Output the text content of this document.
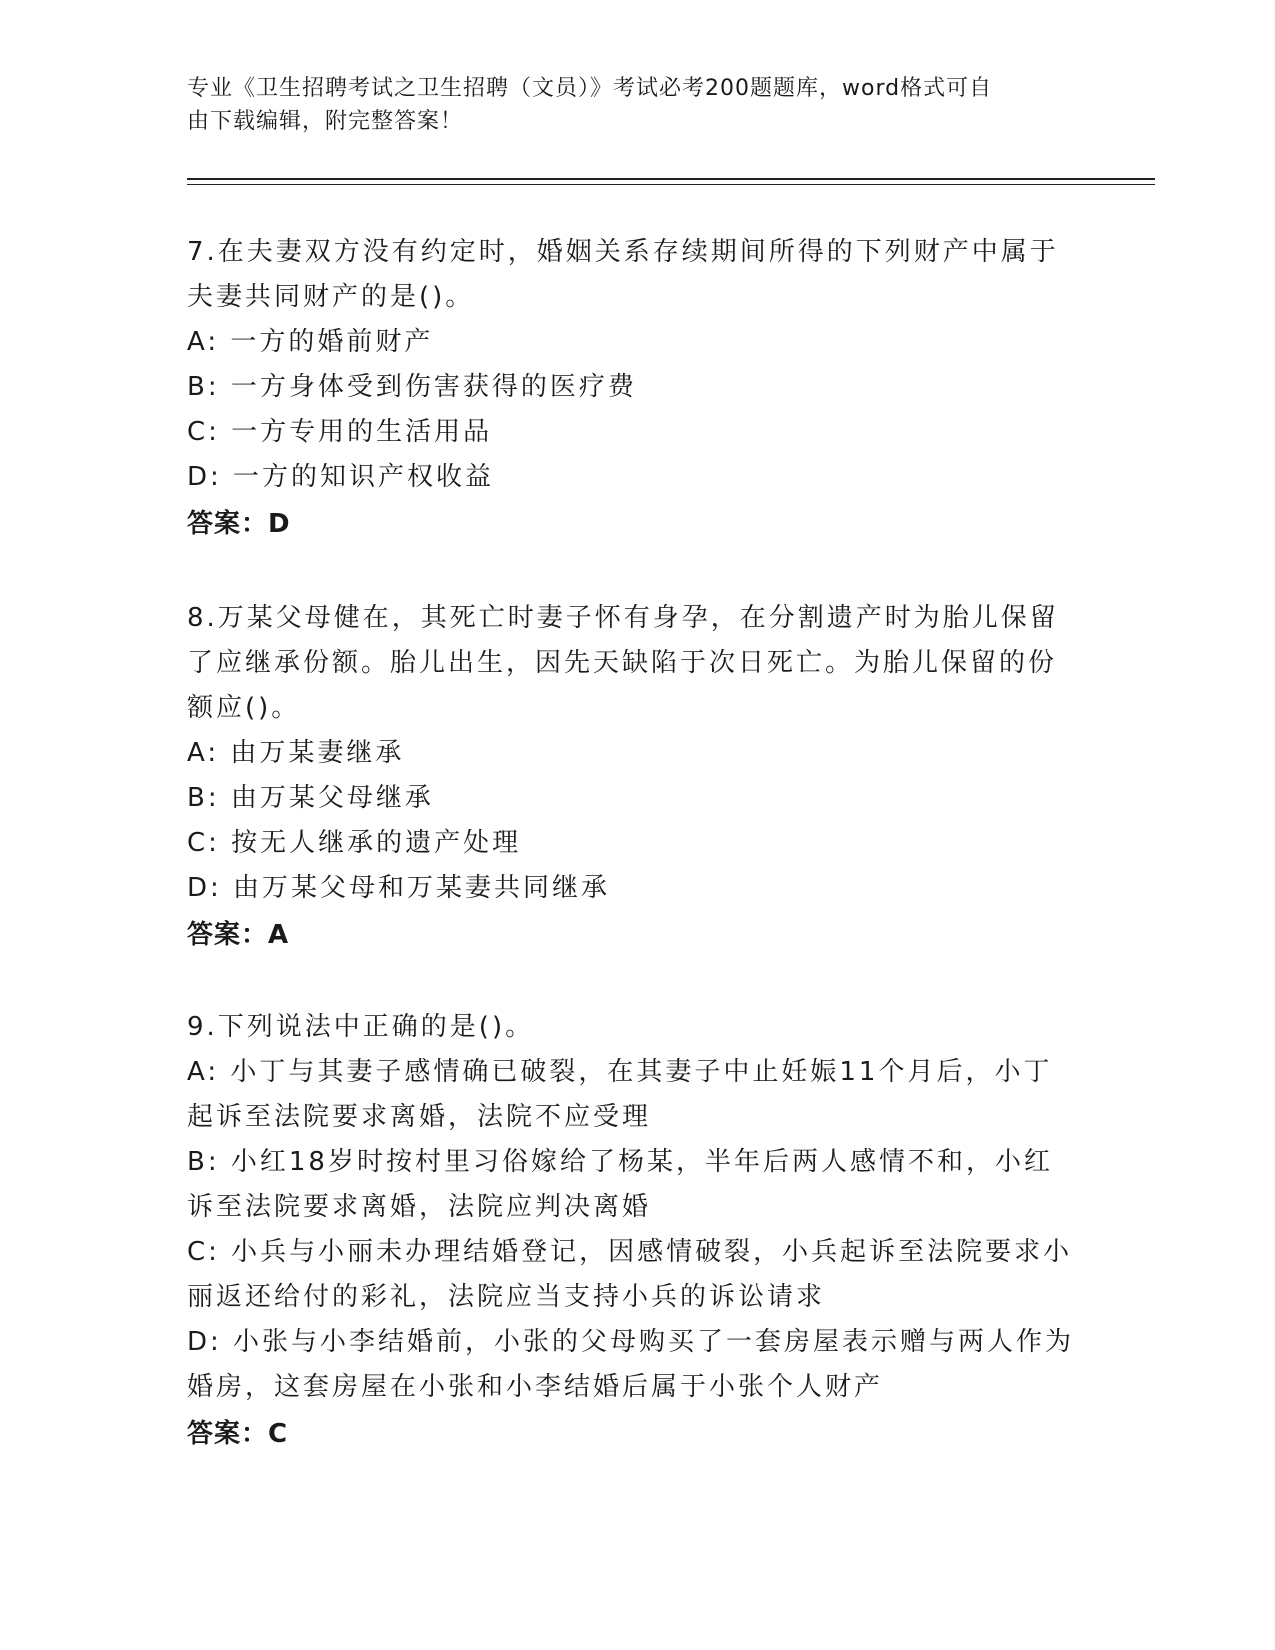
专业《卫生招聘考试之卫生招聘（文员）》考试必考200题题库，word格式可自
由下载编辑，附完整答案！
7.在夫妻双方没有约定时，婚姻关系存续期间所得的下列财产中属于
夫妻共同财产的是()。
A: 一方的婚前财产
B: 一方身体受到伤害获得的医疗费
C: 一方专用的生活用品
D: 一方的知识产权收益
答案：D
8.万某父母健在，其死亡时妻子怀有身孕，在分割遗产时为胎儿保留
了应继承份额。胎儿出生，因先天缺陷于次日死亡。为胎儿保留的份
额应()。
A: 由万某妻继承
B: 由万某父母继承
C: 按无人继承的遗产处理
D: 由万某父母和万某妻共同继承
答案：A
9.下列说法中正确的是()。
A: 小丁与其妻子感情确已破裂，在其妻子中止妊娠11个月后，小丁
起诉至法院要求离婚，法院不应受理
B: 小红18岁时按村里习俗嫁给了杨某，半年后两人感情不和，小红
诉至法院要求离婚，法院应判决离婚
C: 小兵与小丽未办理结婚登记，因感情破裂，小兵起诉至法院要求小
丽返还给付的彩礼，法院应当支持小兵的诉讼请求
D: 小张与小李结婚前，小张的父母购买了一套房屋表示赠与两人作为
婚房，这套房屋在小张和小李结婚后属于小张个人财产
答案：C
